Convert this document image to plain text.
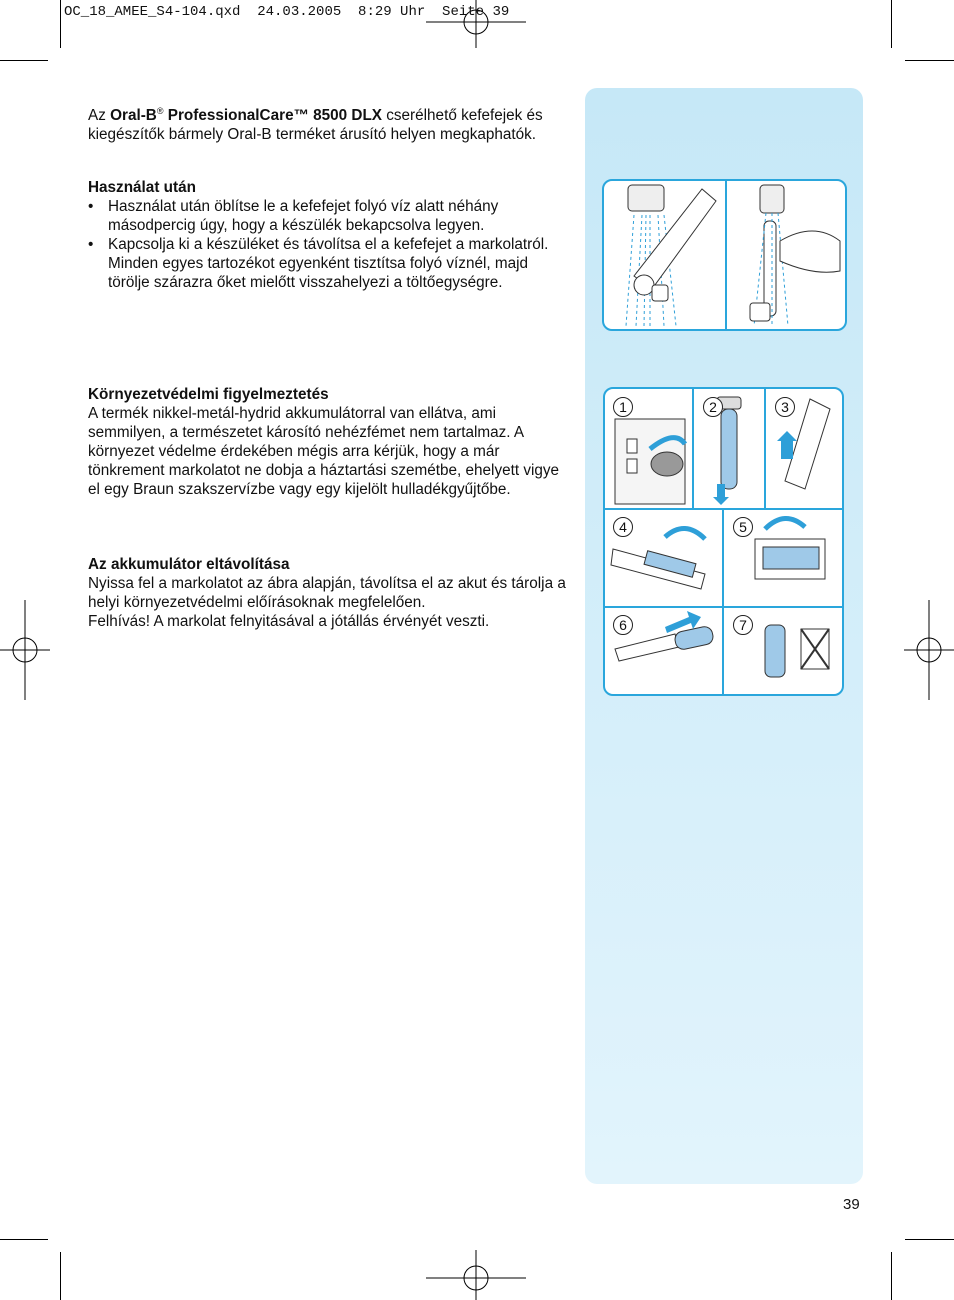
OC_18_AMEE_S4-104.qxd  24.03.2005  8:29 Uhr  Seite 39

Az Oral-B® ProfessionalCare™ 8500 DLX cserélhető kefefejek és kiegészítők bármely Oral-B terméket árusító helyen megkaphatók.

Használat után
• Használat után öblítse le a kefefejet folyó víz alatt néhány másodpercig úgy, hogy a készülék bekapcsolva legyen.
• Kapcsolja ki a készüléket és távolítsa el a kefefejet a markolatról. Minden egyes tartozékot egyenként tisztítsa folyó víznél, majd törölje szárazra őket mielőtt visszahelyezi a töltőegységre.
Környezetvédelmi figyelmeztetés

A termék nikkel-metál-hydrid akkumulátorral van ellátva, ami semmilyen, a természetet károsító nehézfémet nem tartalmaz. A környezet védelme érdekében mégis arra kérjük, hogy a már tönkrement markolatot ne dobja a háztartási szemétbe, ehelyett vigye el egy Braun szakszervízbe vagy egy kijelölt hulladékgyűjtőbe.

Az akkumulátor eltávolítása

Nyissa fel a markolatot az ábra alapján, távolítsa el az akut és tárolja a helyi környezetvédelmi előírásoknak megfelelően.

Felhívás! A markolat felnyitásával a jótállás érvényét veszti.

1	2	3
4	5
6	7
39
